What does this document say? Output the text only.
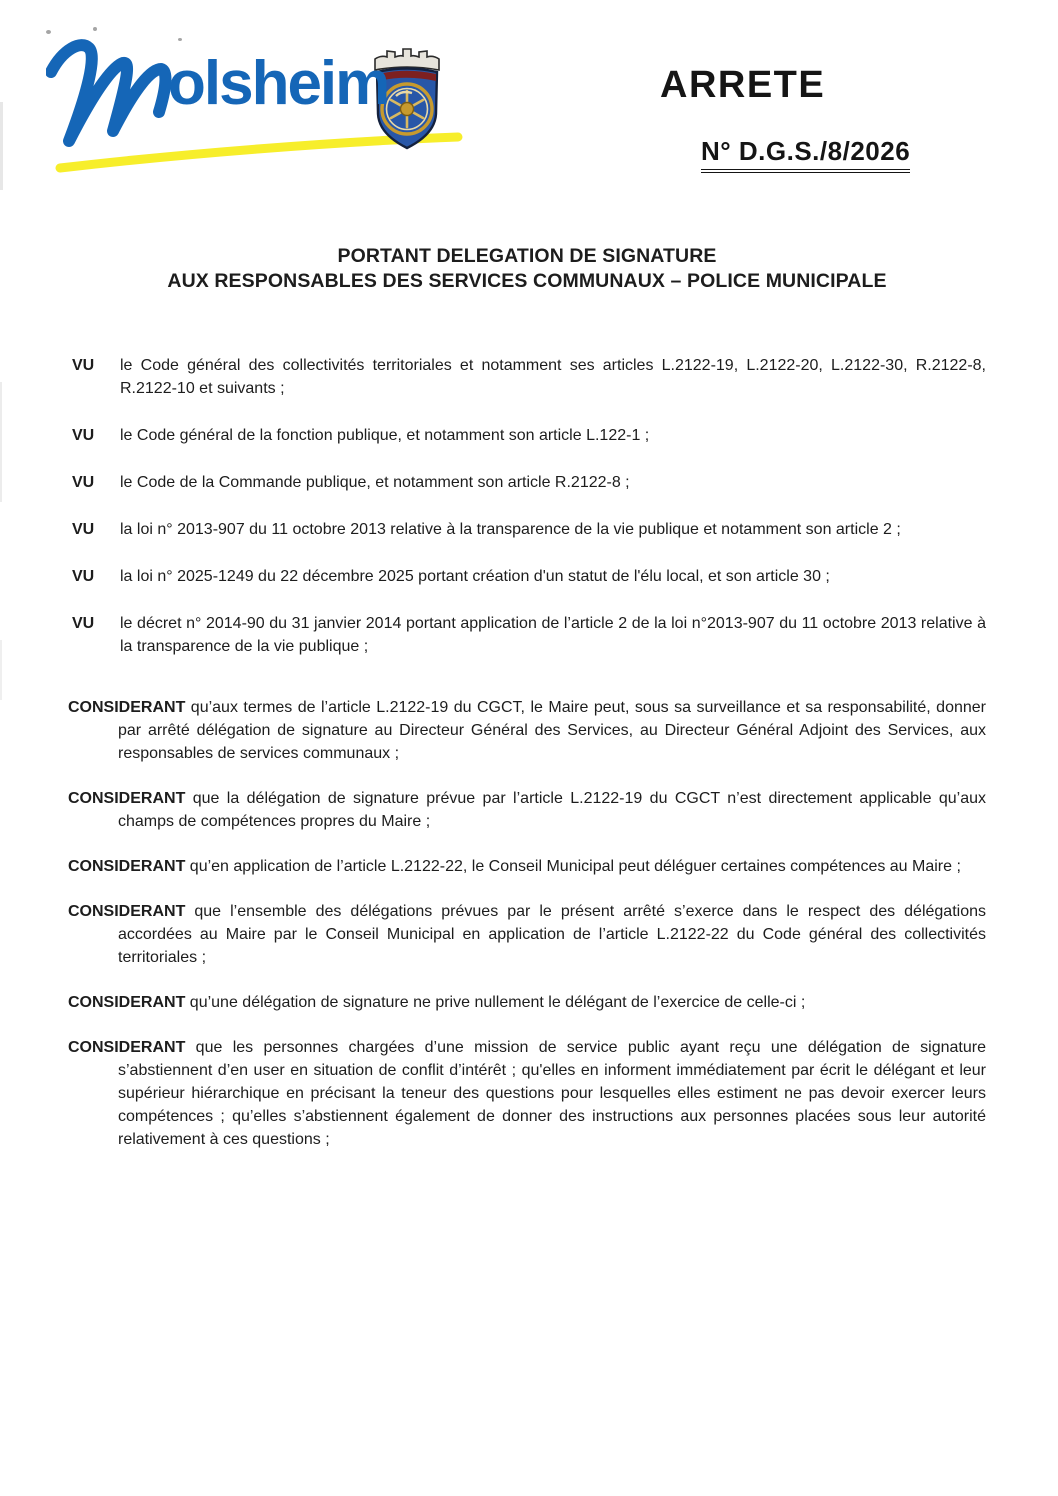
olsheim	ARRETE
N° D.G.S./8/2026
PORTANT DELEGATION DE SIGNATURE
AUX RESPONSABLES DES SERVICES COMMUNAUX – POLICE MUNICIPALE
VU	le Code général des collectivités territoriales et notamment ses articles L.2122-19, L.2122-20, L.2122-30, R.2122-8, R.2122-10 et suivants ;
VU	le Code général de la fonction publique, et notamment son article L.122-1 ;
VU	le Code de la Commande publique, et notamment son article R.2122-8 ;
VU	la loi n° 2013-907 du 11 octobre 2013 relative à la transparence de la vie publique et notamment son article 2 ;
VU	la loi n° 2025-1249 du 22 décembre 2025 portant création d'un statut de l'élu local, et son article 30 ;
VU	le décret n° 2014-90 du 31 janvier 2014 portant application de l’article 2 de la loi n°2013-907 du 11 octobre 2013 relative à la transparence de la vie publique ;

CONSIDERANT qu’aux termes de l’article L.2122-19 du CGCT, le Maire peut, sous sa surveillance et sa responsabilité, donner par arrêté délégation de signature au Directeur Général des Services, au Directeur Général Adjoint des Services, aux responsables de services communaux ;

CONSIDERANT que la délégation de signature prévue par l’article L.2122-19 du CGCT n’est directement applicable qu’aux champs de compétences propres du Maire ;

CONSIDERANT qu’en application de l’article L.2122-22, le Conseil Municipal peut déléguer certaines compétences au Maire ;

CONSIDERANT que l’ensemble des délégations prévues par le présent arrêté s’exerce dans le respect des délégations accordées au Maire par le Conseil Municipal en application de l’article L.2122-22 du Code général des collectivités territoriales ;

CONSIDERANT qu’une délégation de signature ne prive nullement le délégant de l’exercice de celle-ci ;

CONSIDERANT que les personnes chargées d’une mission de service public ayant reçu une délégation de signature s’abstiennent d’en user en situation de conflit d’intérêt ; qu'elles en informent immédiatement par écrit le délégant et leur supérieur hiérarchique en précisant la teneur des questions pour lesquelles elles estiment ne pas devoir exercer leurs compétences ; qu’elles s’abstiennent également de donner des instructions aux personnes placées sous leur autorité relativement à ces questions ;
